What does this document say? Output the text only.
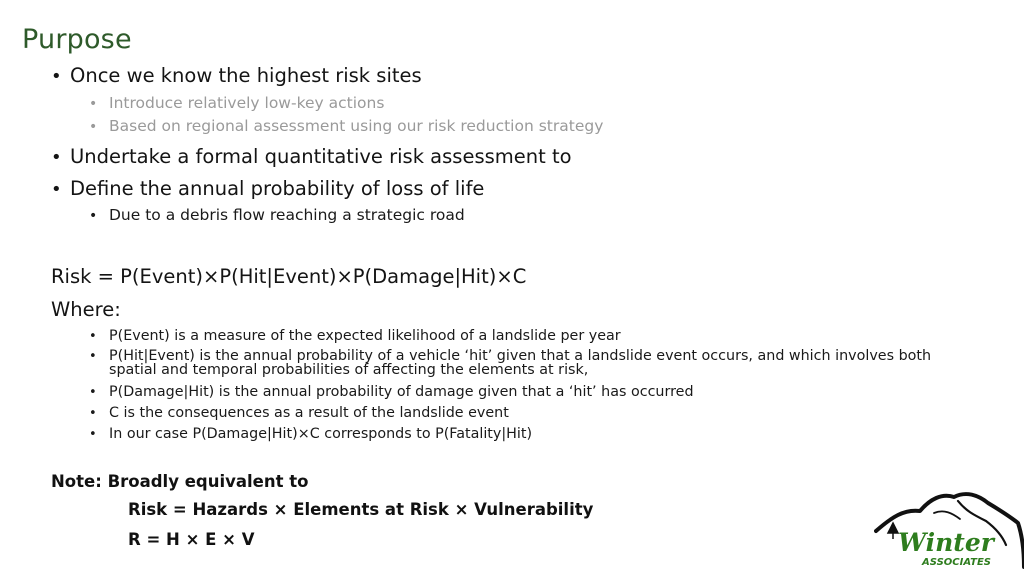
Purpose
• Once we know the highest risk sites
• Introduce relatively low-key actions
• Based on regional assessment using our risk reduction strategy
• Undertake a formal quantitative risk assessment to
• Define the annual probability of loss of life
• Due to a debris flow reaching a strategic road
Risk = P(Event)×P(Hit|Event)×P(Damage|Hit)×C
Where:
• P(Event) is a measure of the expected likelihood of a landslide per year
• P(Hit|Event) is the annual probability of a vehicle ‘hit’ given that a landslide event occurs, and which involves both spatial and temporal probabilities of affecting the elements at risk,
• P(Damage|Hit) is the annual probability of damage given that a ‘hit’ has occurred
• C is the consequences as a result of the landslide event
• In our case P(Damage|Hit)×C corresponds to P(Fatality|Hit)
Note: Broadly equivalent to
Risk = Hazards × Elements at Risk × Vulnerability
R = H × E × V	Winter
ASSOCIATES
